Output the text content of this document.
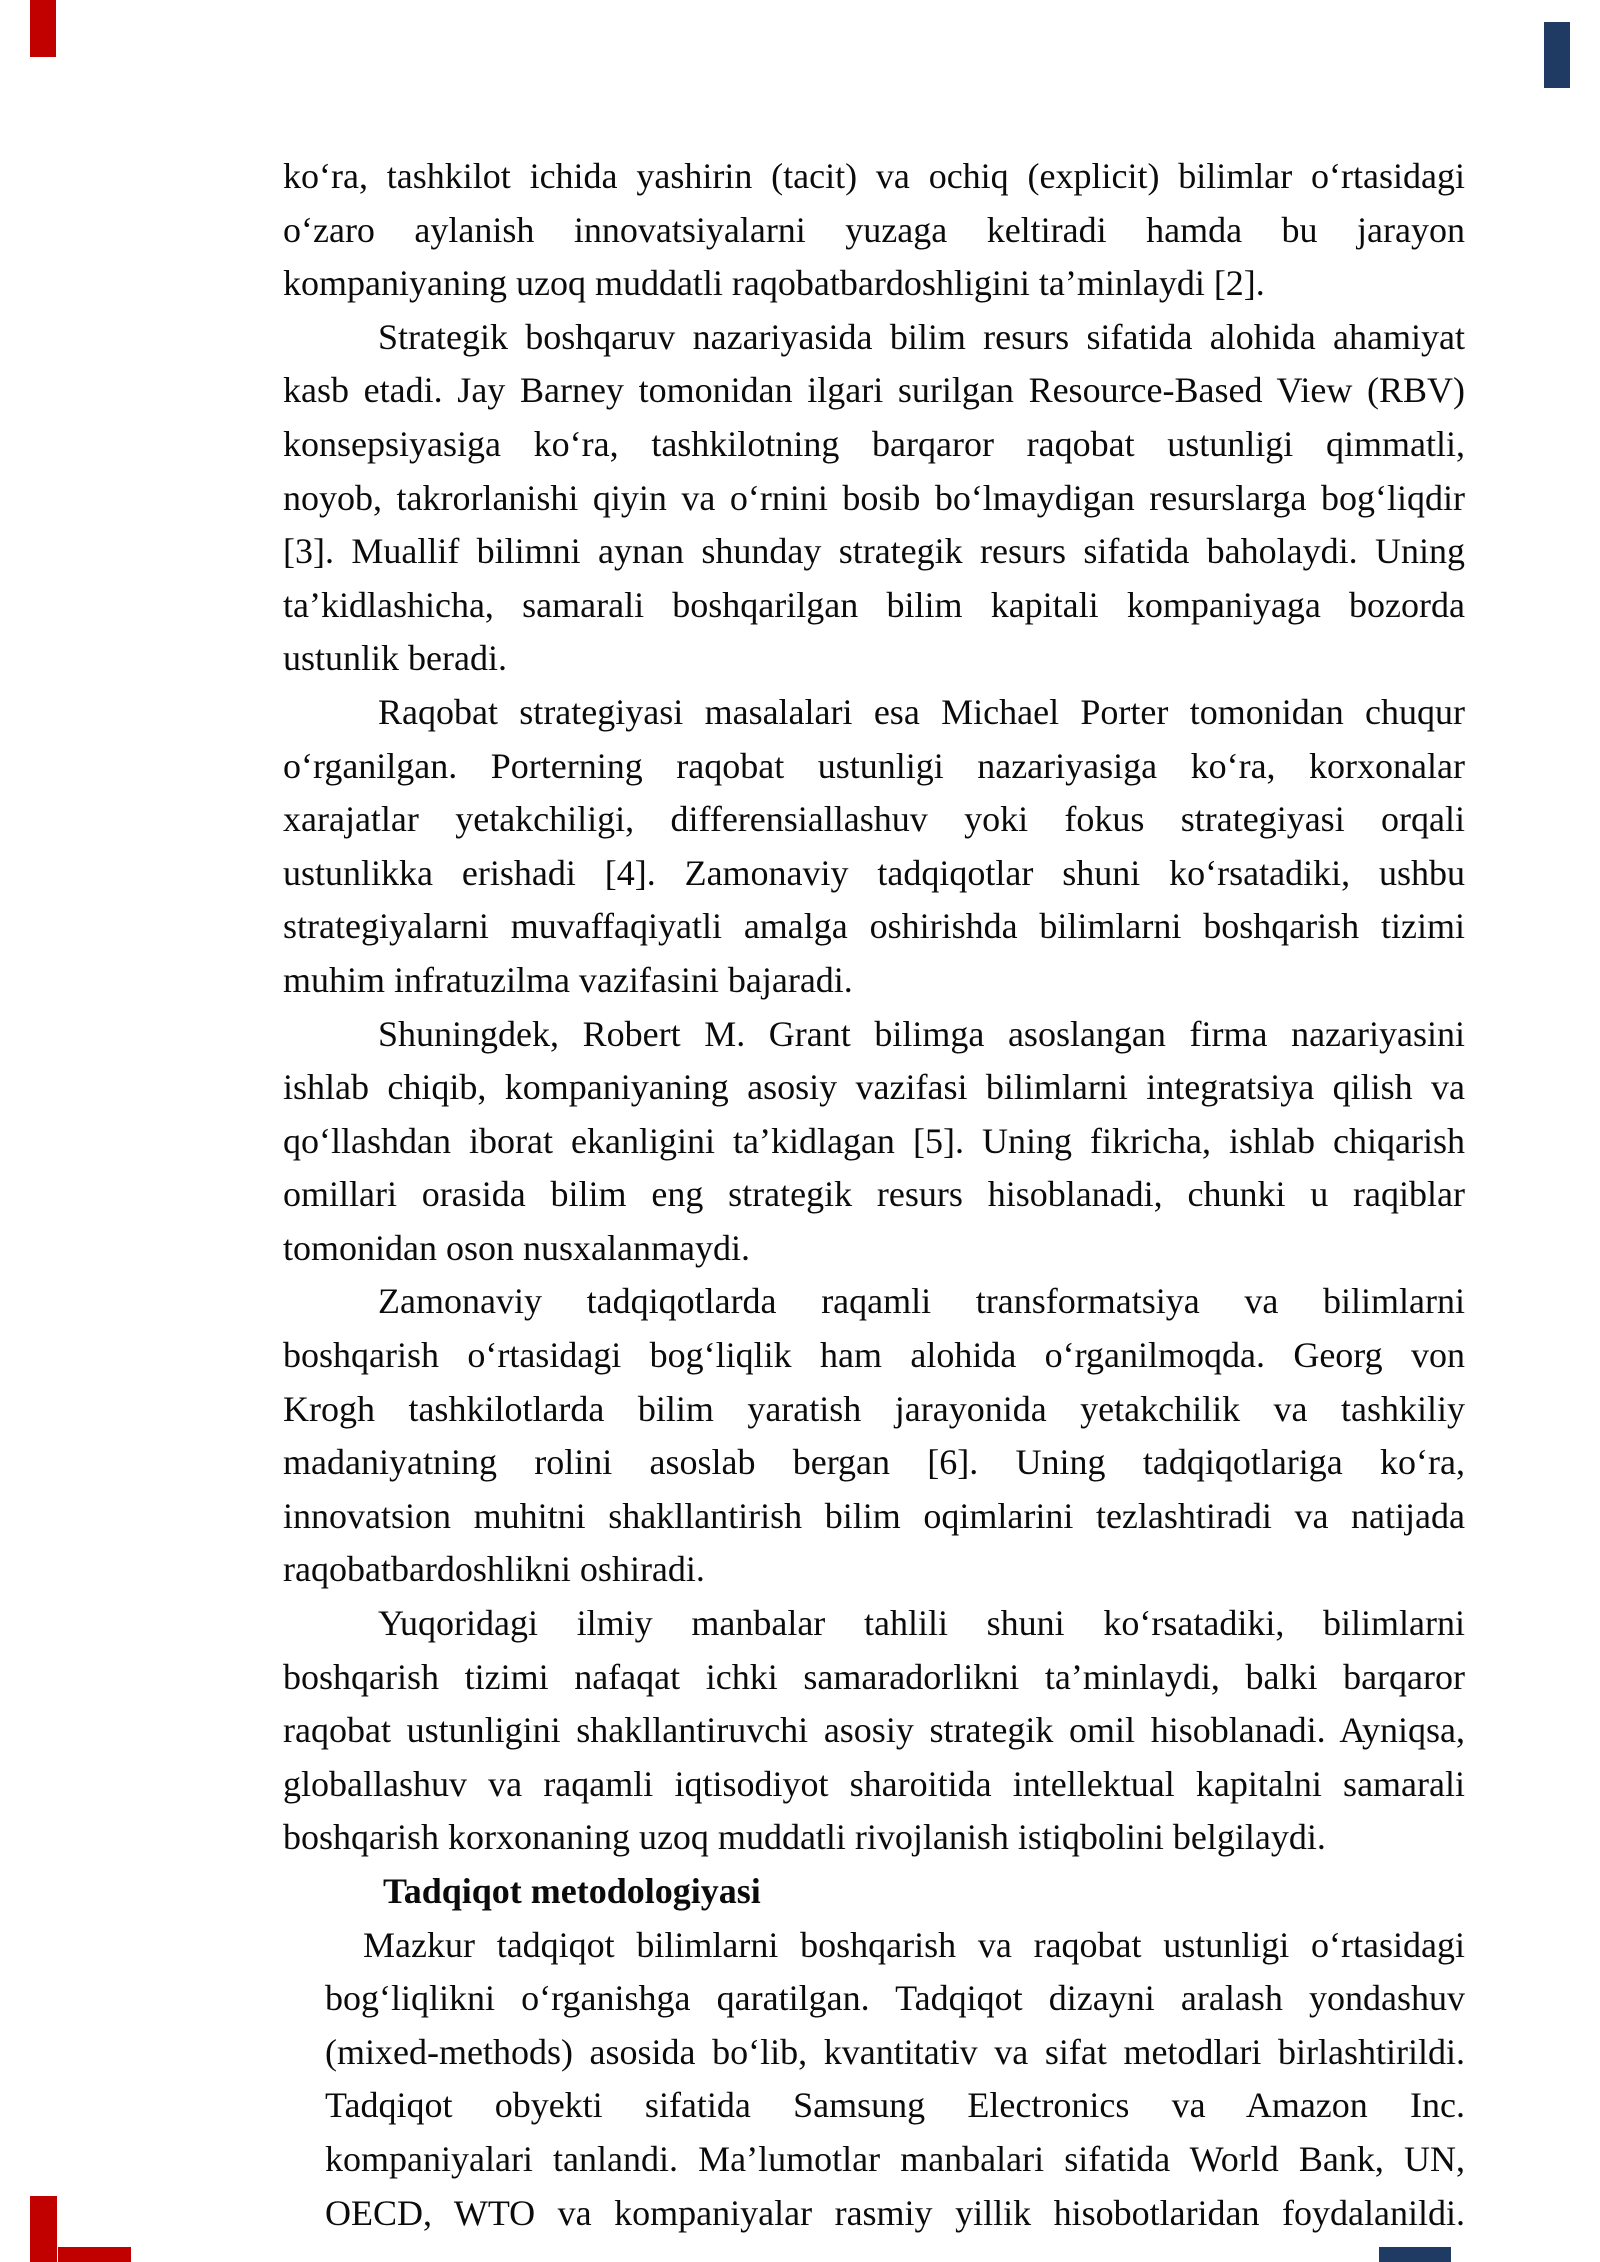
ko‘ra, tashkilot ichida yashirin (tacit) va ochiq (explicit) bilimlar o‘rtasidagi
o‘zaro aylanish innovatsiyalarni yuzaga keltiradi hamda bu jarayon
kompaniyaning uzoq muddatli raqobatbardoshligini ta’minlaydi [2].
Strategik boshqaruv nazariyasida bilim resurs sifatida alohida ahamiyat
kasb etadi. Jay Barney tomonidan ilgari surilgan Resource-Based View (RBV)
konsepsiyasiga ko‘ra, tashkilotning barqaror raqobat ustunligi qimmatli,
noyob, takrorlanishi qiyin va o‘rnini bosib bo‘lmaydigan resurslarga bog‘liqdir
[3]. Muallif bilimni aynan shunday strategik resurs sifatida baholaydi. Uning
ta’kidlashicha, samarali boshqarilgan bilim kapitali kompaniyaga bozorda
ustunlik beradi.
Raqobat strategiyasi masalalari esa Michael Porter tomonidan chuqur
o‘rganilgan. Porterning raqobat ustunligi nazariyasiga ko‘ra, korxonalar
xarajatlar yetakchiligi, differensiallashuv yoki fokus strategiyasi orqali
ustunlikka erishadi [4]. Zamonaviy tadqiqotlar shuni ko‘rsatadiki, ushbu
strategiyalarni muvaffaqiyatli amalga oshirishda bilimlarni boshqarish tizimi
muhim infratuzilma vazifasini bajaradi.
Shuningdek, Robert M. Grant bilimga asoslangan firma nazariyasini
ishlab chiqib, kompaniyaning asosiy vazifasi bilimlarni integratsiya qilish va
qo‘llashdan iborat ekanligini ta’kidlagan [5]. Uning fikricha, ishlab chiqarish
omillari orasida bilim eng strategik resurs hisoblanadi, chunki u raqiblar
tomonidan oson nusxalanmaydi.
Zamonaviy tadqiqotlarda raqamli transformatsiya va bilimlarni
boshqarish o‘rtasidagi bog‘liqlik ham alohida o‘rganilmoqda. Georg von
Krogh tashkilotlarda bilim yaratish jarayonida yetakchilik va tashkiliy
madaniyatning rolini asoslab bergan [6]. Uning tadqiqotlariga ko‘ra,
innovatsion muhitni shakllantirish bilim oqimlarini tezlashtiradi va natijada
raqobatbardoshlikni oshiradi.
Yuqoridagi ilmiy manbalar tahlili shuni ko‘rsatadiki, bilimlarni
boshqarish tizimi nafaqat ichki samaradorlikni ta’minlaydi, balki barqaror
raqobat ustunligini shakllantiruvchi asosiy strategik omil hisoblanadi. Ayniqsa,
globallashuv va raqamli iqtisodiyot sharoitida intellektual kapitalni samarali
boshqarish korxonaning uzoq muddatli rivojlanish istiqbolini belgilaydi.
Tadqiqot metodologiyasi
Mazkur tadqiqot bilimlarni boshqarish va raqobat ustunligi o‘rtasidagi
bog‘liqlikni o‘rganishga qaratilgan. Tadqiqot dizayni aralash yondashuv
(mixed-methods) asosida bo‘lib, kvantitativ va sifat metodlari birlashtirildi.
Tadqiqot obyekti sifatida Samsung Electronics va Amazon Inc.
kompaniyalari tanlandi. Ma’lumotlar manbalari sifatida World Bank, UN,
OECD, WTO va kompaniyalar rasmiy yillik hisobotlaridan foydalanildi.
